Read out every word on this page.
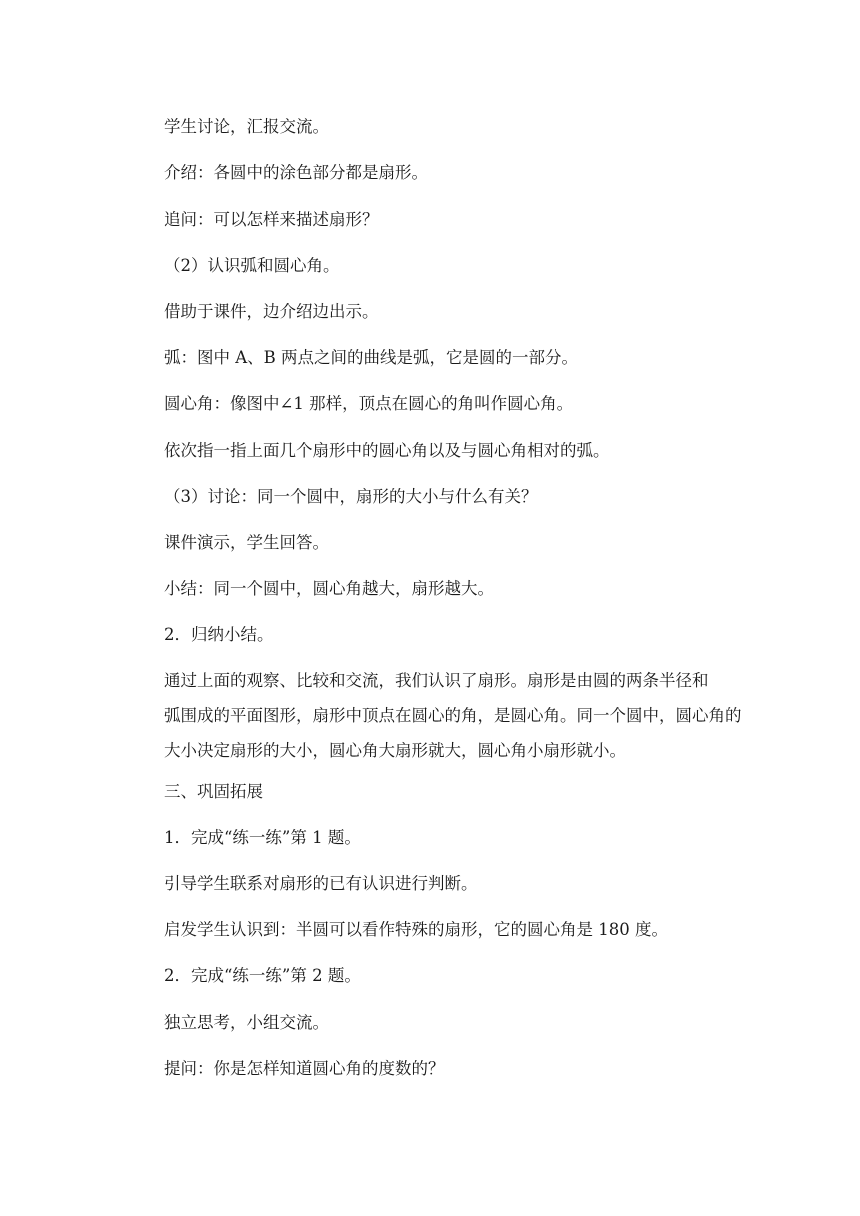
学生讨论，汇报交流。
介绍：各圆中的涂色部分都是扇形。
追问：可以怎样来描述扇形？
（2）认识弧和圆心角。
借助于课件，边介绍边出示。
弧：图中 A、B 两点之间的曲线是弧，它是圆的一部分。
圆心角：像图中∠1 那样，顶点在圆心的角叫作圆心角。
依次指一指上面几个扇形中的圆心角以及与圆心角相对的弧。
（3）讨论：同一个圆中，扇形的大小与什么有关？
课件演示，学生回答。
小结：同一个圆中，圆心角越大，扇形越大。
2．归纳小结。
通过上面的观察、比较和交流，我们认识了扇形。扇形是由圆的两条半径和
弧围成的平面图形，扇形中顶点在圆心的角，是圆心角。同一个圆中，圆心角的
大小决定扇形的大小，圆心角大扇形就大，圆心角小扇形就小。
三、巩固拓展
1．完成“练一练”第 1 题。
引导学生联系对扇形的已有认识进行判断。
启发学生认识到：半圆可以看作特殊的扇形，它的圆心角是 180 度。
2．完成“练一练”第 2 题。
独立思考，小组交流。
提问：你是怎样知道圆心角的度数的？
